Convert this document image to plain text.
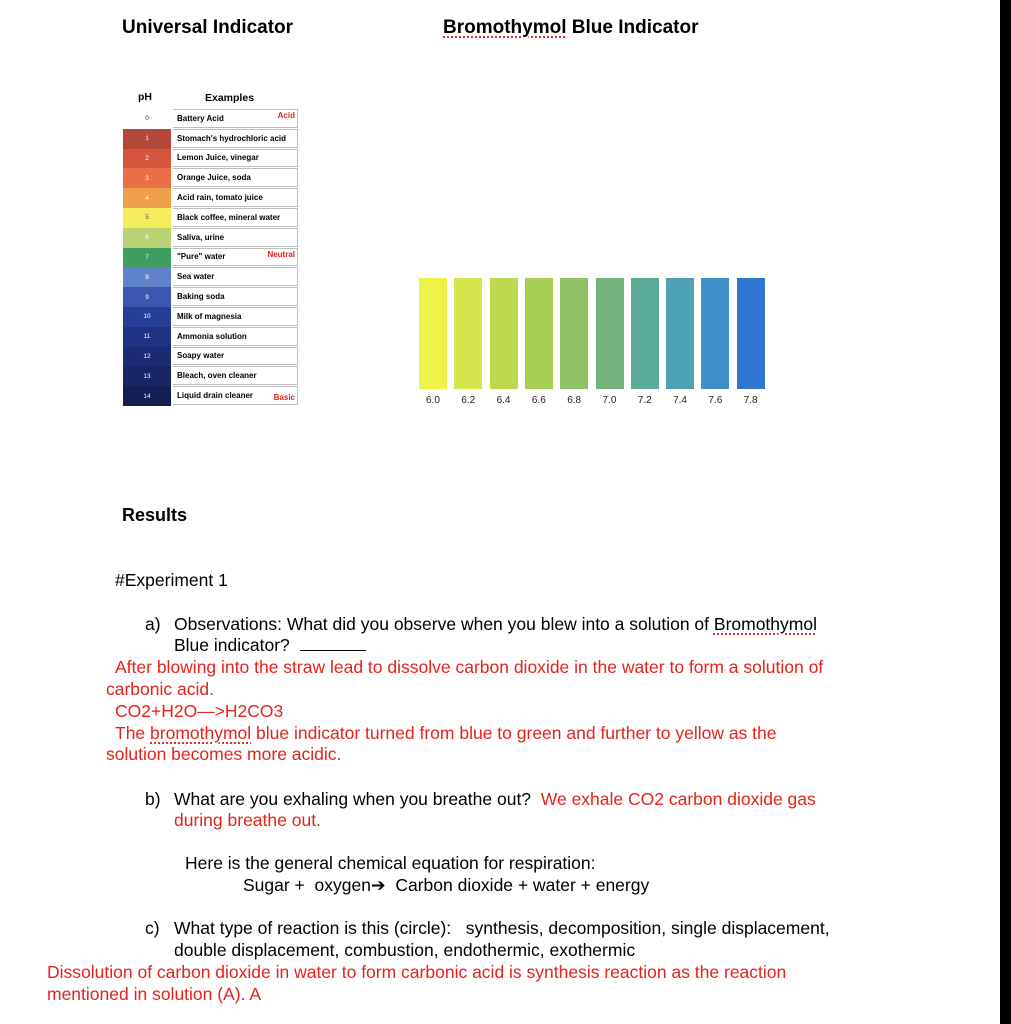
Universal Indicator	Bromothymol Blue Indicator
pH	Examples
0	Battery Acid	Acid
1	Stomach's hydrochloric acid
2	Lemon Juice, vinegar
3	Orange Juice, soda
4	Acid rain, tomato juice
5	Black coffee, mineral water
6	Saliva, urine
7	"Pure" water	Neutral
8	Sea water
9	Baking soda
10	Milk of magnesia
11	Ammonia solution
12	Soapy water
13	Bleach, oven cleaner
14	Liquid drain cleaner	Basic	6.0 6.2 6.4 6.6 6.8 7.0 7.2 7.4 7.6 7.8
Results
#Experiment 1
a) Observations: What did you observe when you blew into a solution of Bromothymol
Blue indicator?
After blowing into the straw lead to dissolve carbon dioxide in the water to form a solution of
carbonic acid.
CO2+H2O—>H2CO3
The bromothymol blue indicator turned from blue to green and further to yellow as the
solution becomes more acidic.
b) What are you exhaling when you breathe out? We exhale CO2 carbon dioxide gas
during breathe out.
Here is the general chemical equation for respiration:
Sugar +  oxygen➔  Carbon dioxide + water + energy
c) What type of reaction is this (circle):   synthesis, decomposition, single displacement,
double displacement, combustion, endothermic, exothermic
Dissolution of carbon dioxide in water to form carbonic acid is synthesis reaction as the reaction
mentioned in solution (A). A
